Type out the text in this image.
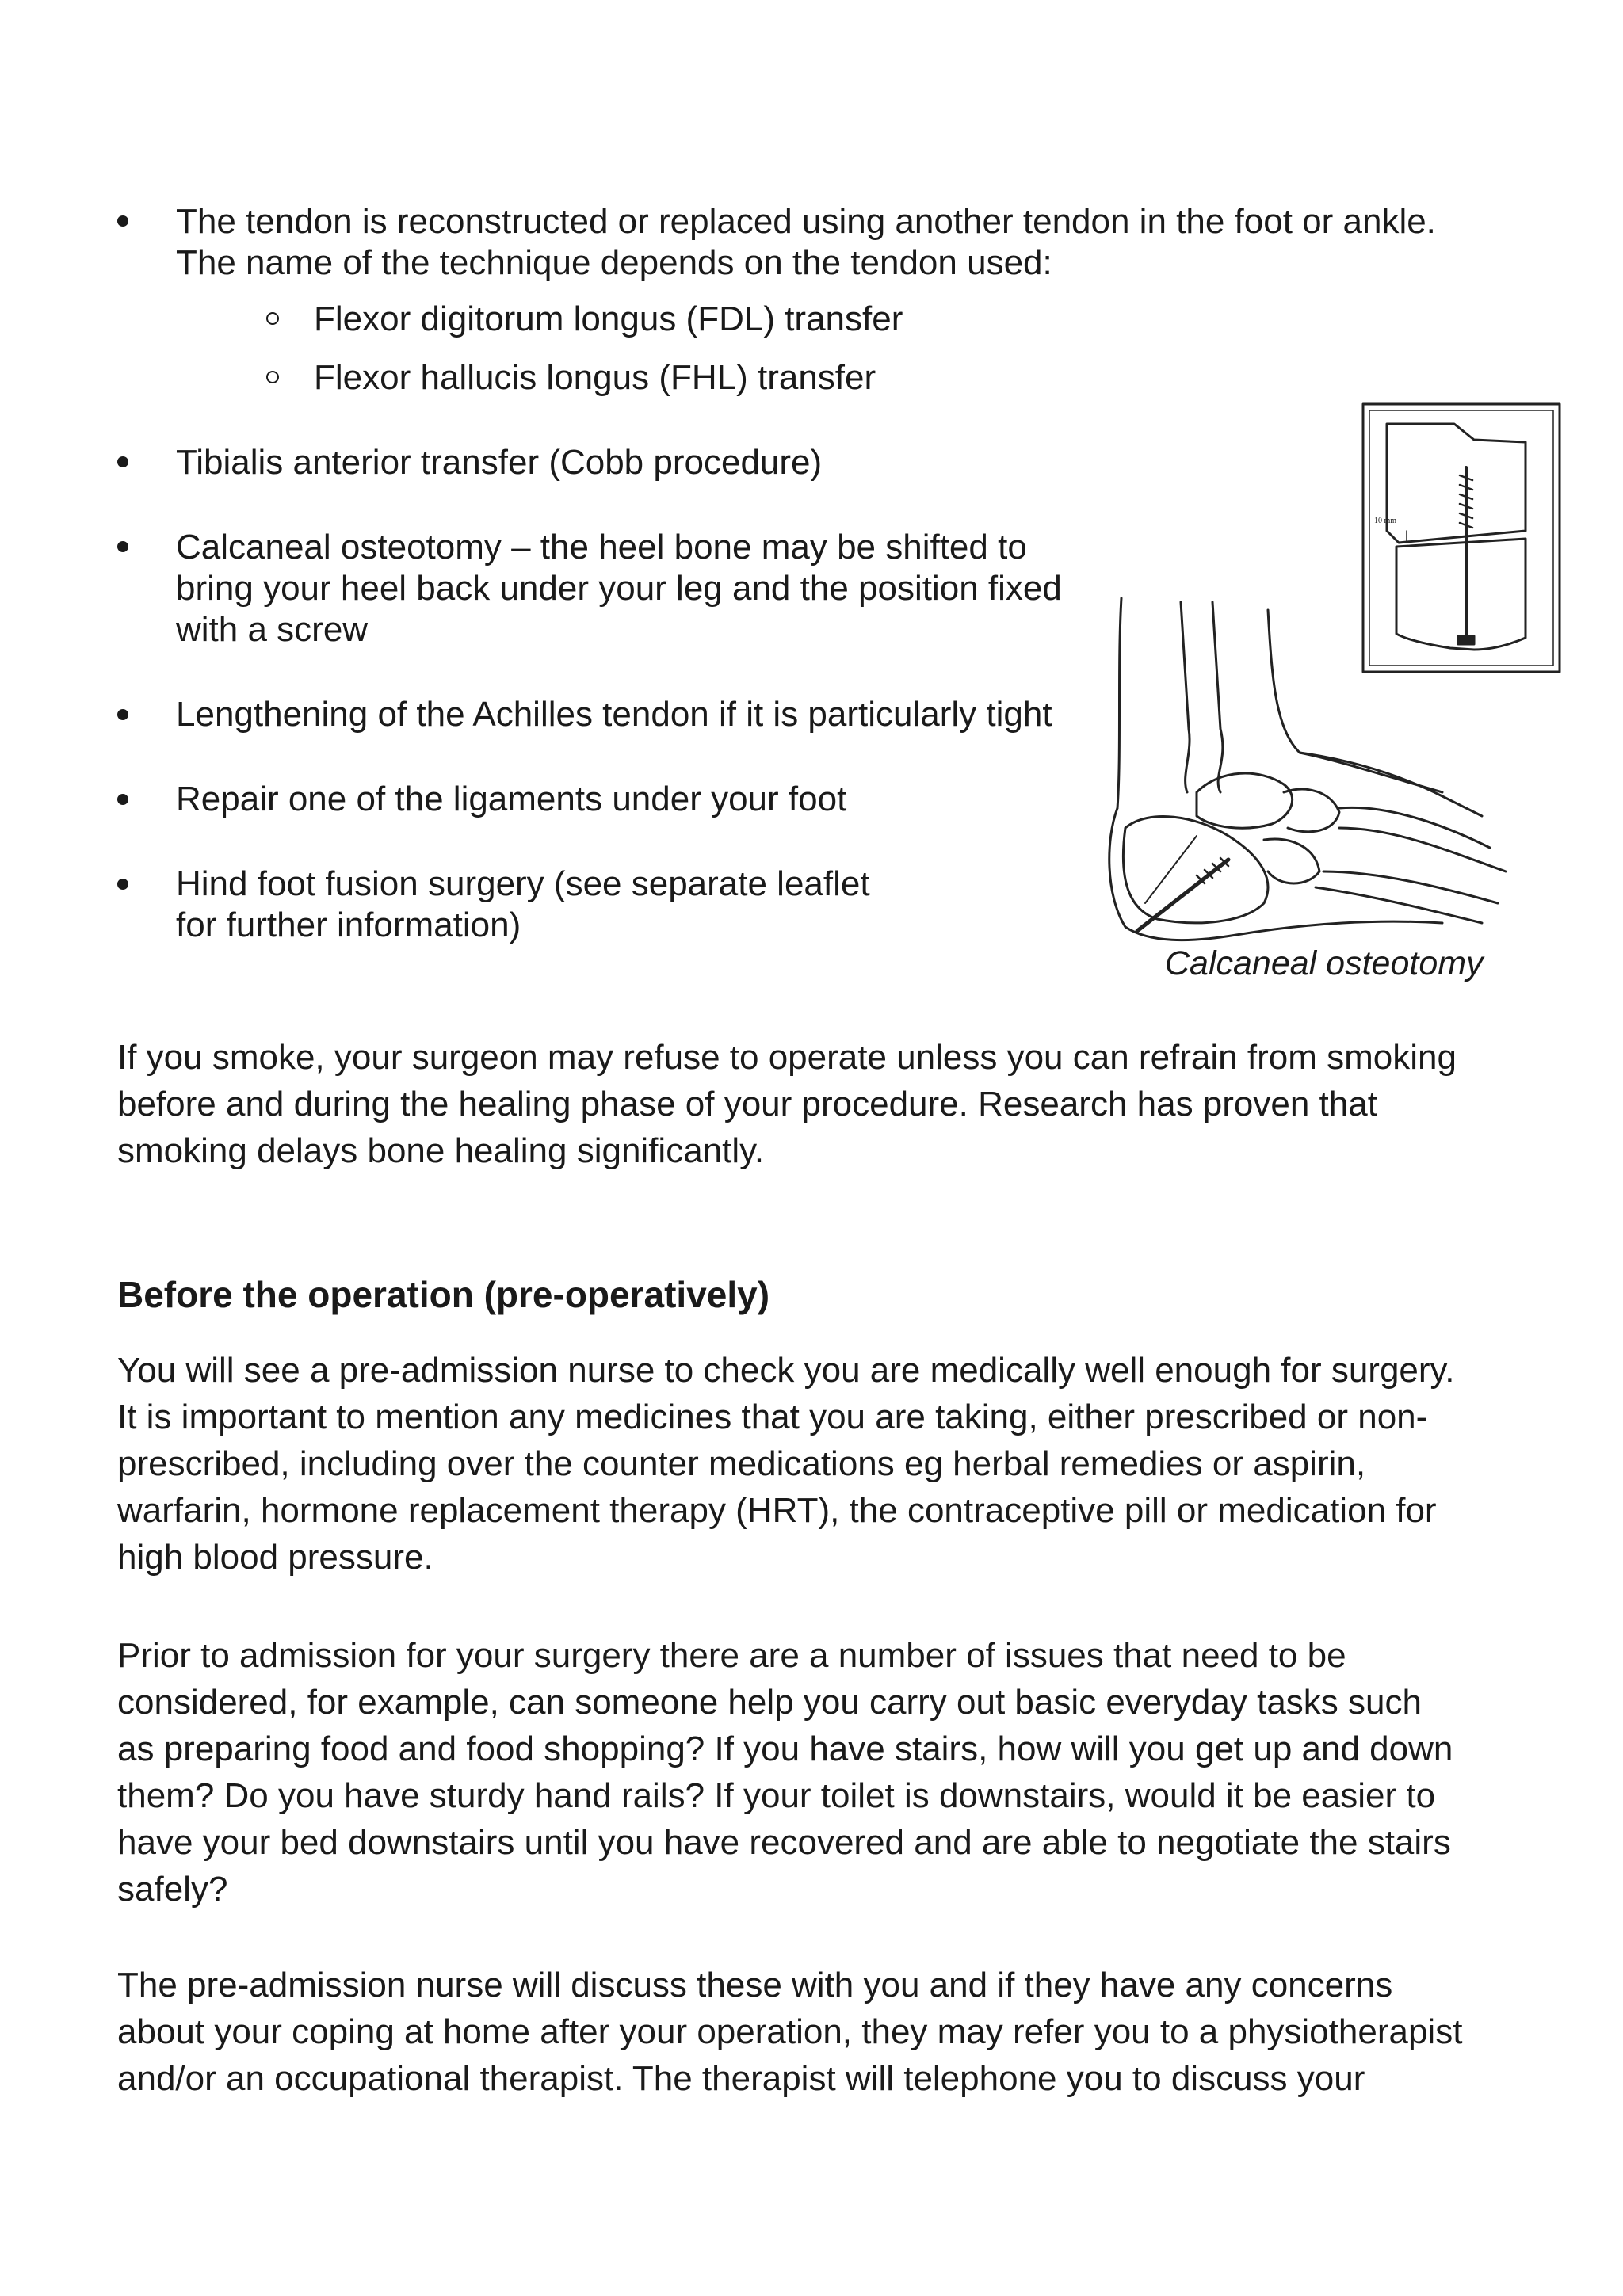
The tendon is reconstructed or replaced using another tendon in the foot or ankle.
The name of the technique depends on the tendon used:
Flexor digitorum longus (FDL) transfer
Flexor hallucis longus (FHL) transfer
Tibialis anterior transfer (Cobb procedure)
Calcaneal osteotomy – the heel bone may be shifted to
bring your heel back under your leg and the position fixed
with a screw
Lengthening of the Achilles tendon if it is particularly tight
Repair one of the ligaments under your foot
Hind foot fusion surgery (see separate leaflet
for further information)
10 mm
Calcaneal osteotomy
If you smoke, your surgeon may refuse to operate unless you can refrain from smoking
before and during the healing phase of your procedure. Research has proven that
smoking delays bone healing significantly.
Before the operation (pre-operatively)
You will see a pre-admission nurse to check you are medically well enough for surgery.
It is important to mention any medicines that you are taking, either prescribed or non-
prescribed, including over the counter medications eg herbal remedies or aspirin,
warfarin, hormone replacement therapy (HRT), the contraceptive pill or medication for
high blood pressure.
Prior to admission for your surgery there are a number of issues that need to be
considered, for example, can someone help you carry out basic everyday tasks such
as preparing food and food shopping? If you have stairs, how will you get up and down
them? Do you have sturdy hand rails? If your toilet is downstairs, would it be easier to
have your bed downstairs until you have recovered and are able to negotiate the stairs
safely?
The pre-admission nurse will discuss these with you and if they have any concerns
about your coping at home after your operation, they may refer you to a physiotherapist
and/or an occupational therapist. The therapist will telephone you to discuss your
